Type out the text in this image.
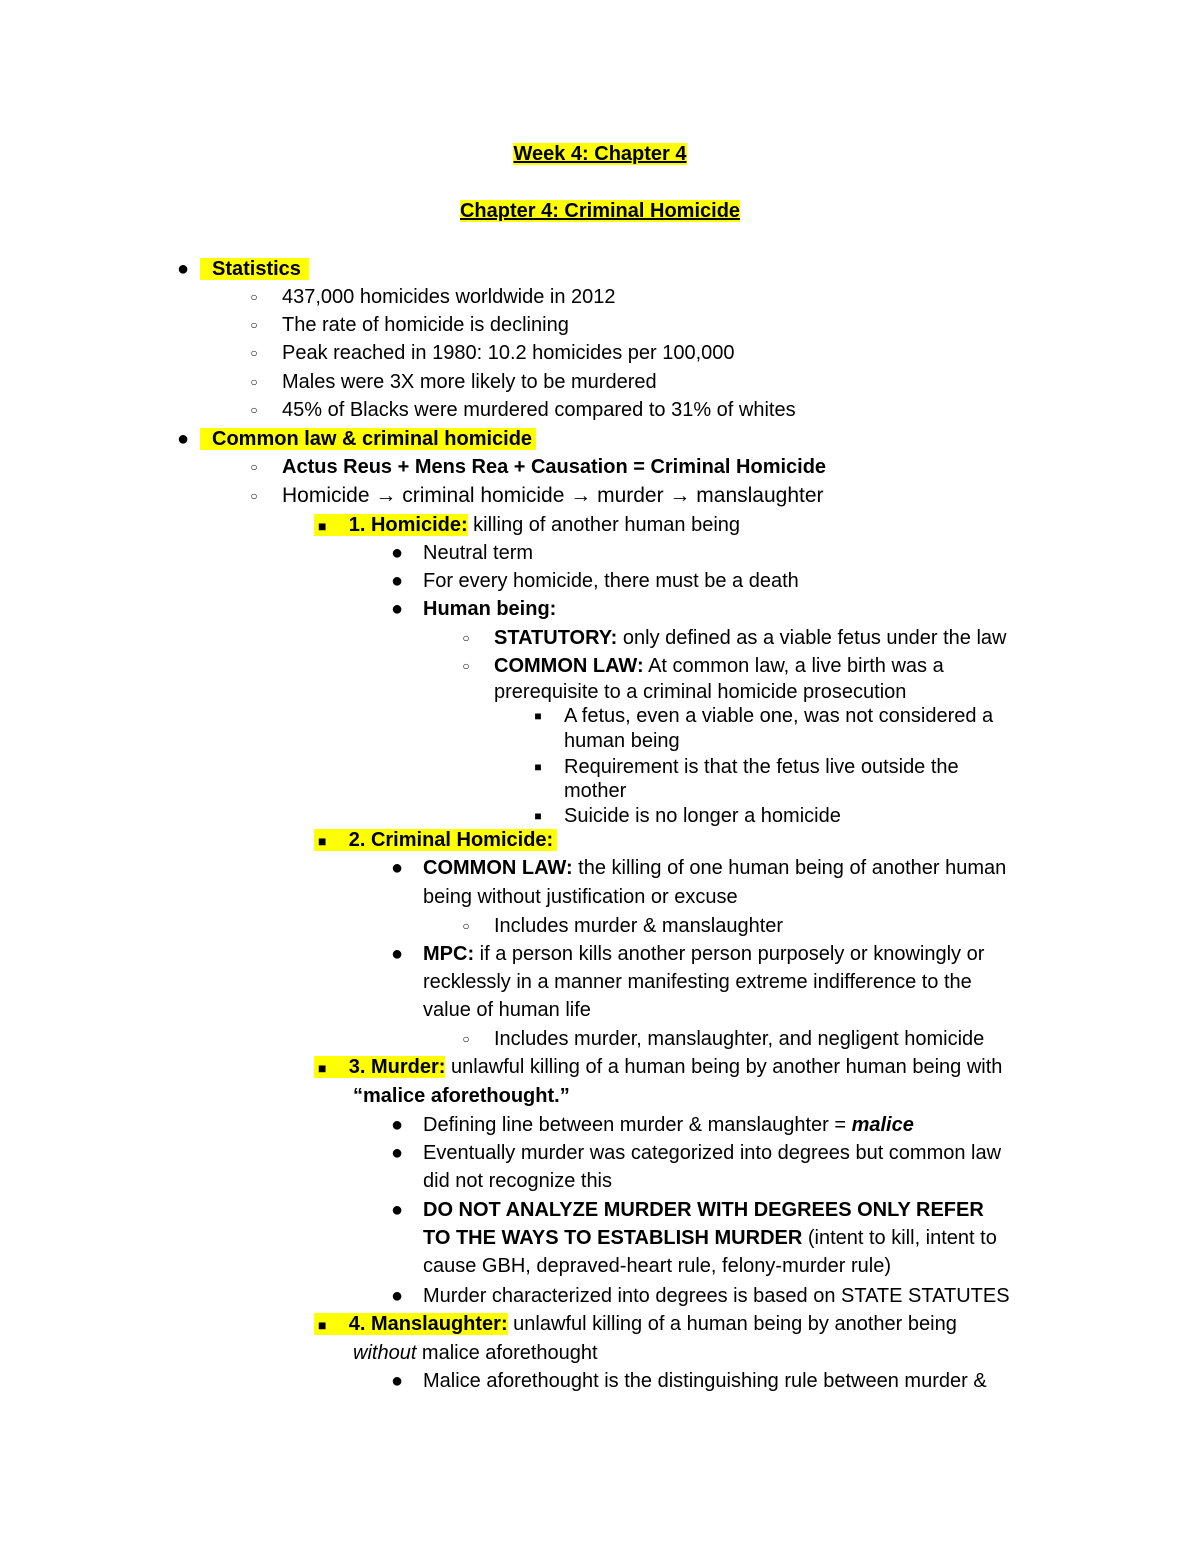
Week 4: Chapter 4
Chapter 4: Criminal Homicide
●	Statistics
○	437,000 homicides worldwide in 2012
○	The rate of homicide is declining
○	Peak reached in 1980: 10.2 homicides per 100,000
○	Males were 3X more likely to be murdered
○	45% of Blacks were murdered compared to 31% of whites
●	Common law & criminal homicide
○	Actus Reus + Mens Rea + Causation = Criminal Homicide
○	Homicide → criminal homicide → murder → manslaughter
■ 1. Homicide: killing of another human being
● Neutral term
● For every homicide, there must be a death
● Human being:
○	STATUTORY: only defined as a viable fetus under the law
○	COMMON LAW: At common law, a live birth was a
prerequisite to a criminal homicide prosecution
■	A fetus, even a viable one, was not considered a
human being
■	Requirement is that the fetus live outside the
mother
■	Suicide is no longer a homicide
■ 2. Criminal Homicide:
● COMMON LAW: the killing of one human being of another human
being without justification or excuse
○	Includes murder & manslaughter
● MPC: if a person kills another person purposely or knowingly or
recklessly in a manner manifesting extreme indifference to the
value of human life
○	Includes murder, manslaughter, and negligent homicide
■ 3. Murder: unlawful killing of a human being by another human being with
“malice aforethought.”
● Defining line between murder & manslaughter = malice
● Eventually murder was categorized into degrees but common law
did not recognize this
● DO NOT ANALYZE MURDER WITH DEGREES ONLY REFER
TO THE WAYS TO ESTABLISH MURDER (intent to kill, intent to
cause GBH, depraved-heart rule, felony-murder rule)
● Murder characterized into degrees is based on STATE STATUTES
■ 4. Manslaughter: unlawful killing of a human being by another being
without malice aforethought
● Malice aforethought is the distinguishing rule between murder &
